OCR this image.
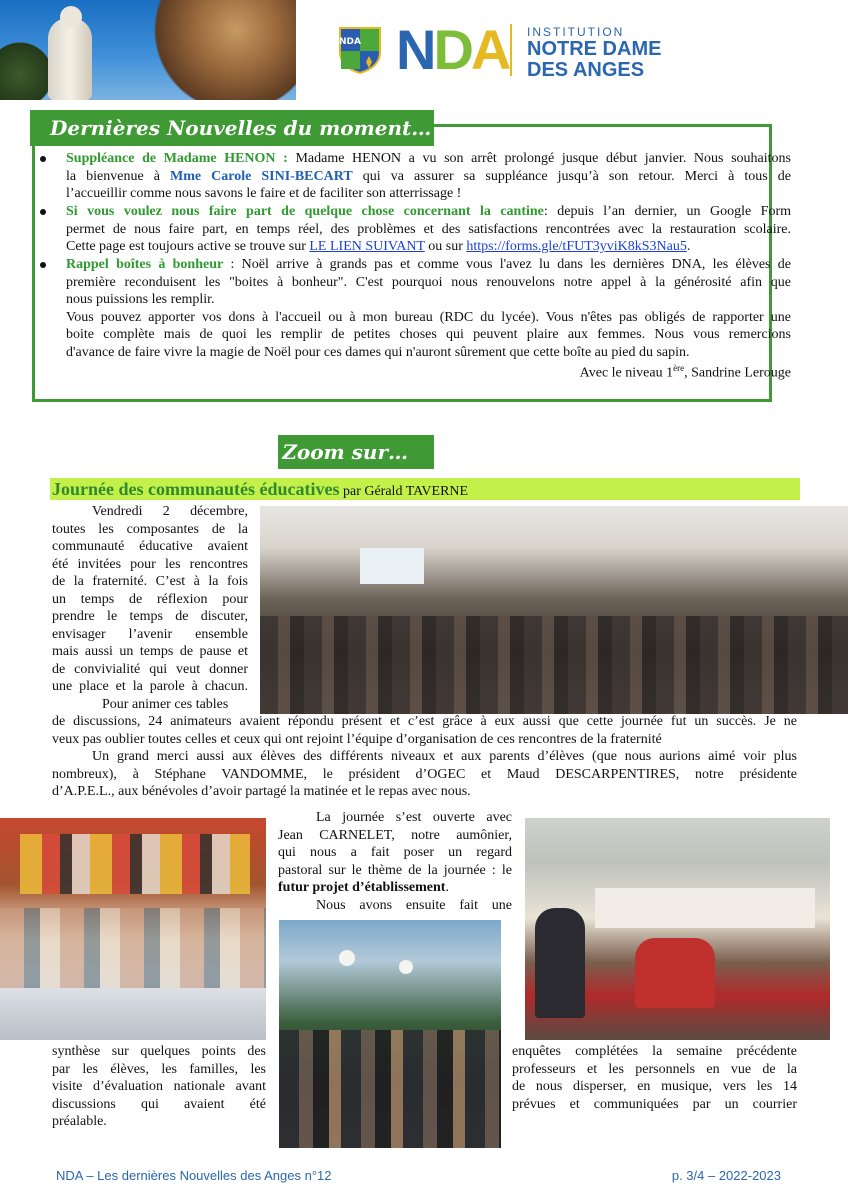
NDA NDA INSTITUTION
NOTRE DAME
DES ANGES
Dernières Nouvelles du moment…
Suppléance de Madame HENON : Madame HENON a vu son arrêt prolongé jusque début janvier. Nous souhaitons
la bienvenue à Mme Carole SINI-BECART qui va assurer sa suppléance jusqu’à son retour. Merci à tous de
l’accueillir comme nous savons le faire et de faciliter son atterrissage !
Si vous voulez nous faire part de quelque chose concernant la cantine: depuis l’an dernier, un Google Form
permet de nous faire part, en temps réel, des problèmes et des satisfactions rencontrées avec la restauration scolaire.
Cette page est toujours active se trouve sur LE LIEN SUIVANT ou sur https://forms.gle/tFUT3yviK8kS3Nau5.
Rappel boîtes à bonheur : Noël arrive à grands pas et comme vous l'avez lu dans les dernières DNA, les élèves de
première reconduisent les "boites à bonheur". C'est pourquoi nous renouvelons notre appel à la générosité afin que
nous puissions les remplir.
Vous pouvez apporter vos dons à l'accueil ou à mon bureau (RDC du lycée). Vous n'êtes pas obligés de rapporter une
boite complète mais de quoi les remplir de petites choses qui peuvent plaire aux femmes. Nous vous remercions
d'avance de faire vivre la magie de Noël pour ces dames qui n'auront sûrement que cette boîte au pied du sapin.
Avec le niveau 1ère, Sandrine Lerouge
Zoom sur…
Journée des communautés éducatives par Gérald TAVERNE
Vendredi 2 décembre,
toutes les composantes de la
communauté éducative avaient
été invitées pour les rencontres
de la fraternité. C’est à la fois
un temps de réflexion pour
prendre le temps de discuter,
envisager l’avenir ensemble
mais aussi un temps de pause et
de convivialité qui veut donner
une place et la parole à chacun.
Pour animer ces tables
de discussions, 24 animateurs avaient répondu présent et c’est grâce à eux aussi que cette journée fut un succès. Je ne
veux pas oublier toutes celles et ceux qui ont rejoint l’équipe d’organisation de ces rencontres de la fraternité
Un grand merci aussi aux élèves des différents niveaux et aux parents d’élèves (que nous aurions aimé voir plus
nombreux), à Stéphane VANDOMME, le président d’OGEC et Maud DESCARPENTIRES, notre présidente
d’A.P.E.L., aux bénévoles d’avoir partagé la matinée et le repas avec nous.
La journée s’est ouverte avec
Jean CARNELET, notre aumônier,
qui nous a fait poser un regard
pastoral sur le thème de la journée : le
futur projet d’établissement.
Nous avons ensuite fait une
synthèse sur quelques points des
par les élèves, les familles, les
visite d’évaluation nationale avant
discussions qui avaient été
préalable.
enquêtes complétées la semaine précédente
professeurs et les personnels en vue de la
de nous disperser, en musique, vers les 14
prévues et communiquées par un courrier
NDA – Les dernières Nouvelles des Anges n°12	p. 3/4 – 2022-2023
